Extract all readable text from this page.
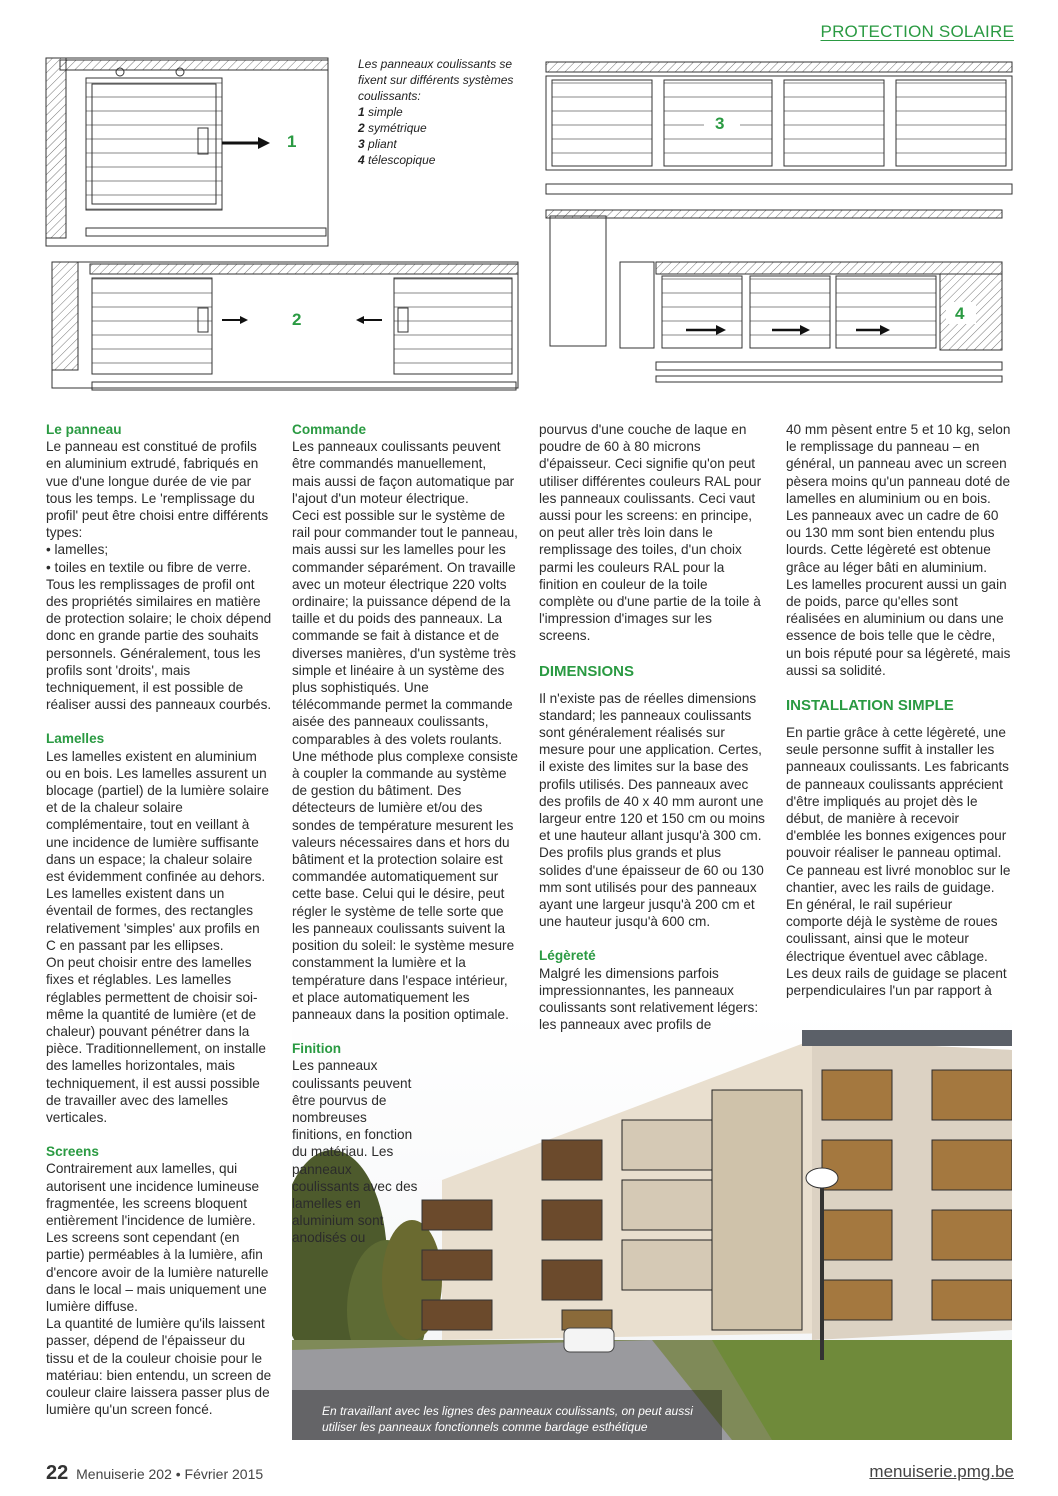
PROTECTION SOLAIRE
1
2
3
4
Les panneaux coulissants se fixent sur différents systèmes coulissants:
1 simple
2 symétrique
3 pliant
4 télescopique
En travaillant avec les lignes des panneaux coulissants, on peut aussi utiliser les panneaux fonctionnels comme bardage esthétique
Le panneau

Le panneau est constitué de profils en aluminium extrudé, fabriqués en vue d'une longue durée de vie par tous les temps. Le 'remplissage du profil' peut être choisi entre différents types:

• lamelles;

• toiles en textile ou fibre de verre.

Tous les remplissages de profil ont des propriétés similaires en matière de protection solaire; le choix dépend donc en grande partie des souhaits personnels. Généralement, tous les profils sont 'droits', mais techniquement, il est possible de réaliser aussi des panneaux courbés.

Lamelles

Les lamelles existent en aluminium ou en bois. Les lamelles assurent un blocage (partiel) de la lumière solaire et de la chaleur solaire complémentaire, tout en veillant à une incidence de lumière suffisante dans un espace; la chaleur solaire est évidemment confinée au dehors. Les lamelles existent dans un éventail de formes, des rectangles relativement 'simples' aux profils en C en passant par les ellipses.

On peut choisir entre des lamelles fixes et réglables. Les lamelles réglables permettent de choisir soi-même la quantité de lumière (et de chaleur) pouvant pénétrer dans la pièce. Traditionnellement, on installe des lamelles horizontales, mais techniquement, il est aussi possible de travailler avec des lamelles verticales.

Screens

Contrairement aux lamelles, qui autorisent une incidence lumineuse fragmentée, les screens bloquent entièrement l'incidence de lumière. Les screens sont cependant (en partie) perméables à la lumière, afin d'encore avoir de la lumière naturelle dans le local – mais uniquement une lumière diffuse.

La quantité de lumière qu'ils laissent passer, dépend de l'épaisseur du tissu et de la couleur choisie pour le matériau: bien entendu, un screen de couleur claire laissera passer plus de lumière qu'un screen foncé.

Commande

Les panneaux coulissants peuvent être commandés manuellement, mais aussi de façon automatique par l'ajout d'un moteur électrique.

Ceci est possible sur le système de rail pour commander tout le panneau, mais aussi sur les lamelles pour les commander séparément. On travaille avec un moteur électrique 220 volts ordinaire; la puissance dépend de la taille et du poids des panneaux. La commande se fait à distance et de diverses manières, d'un système très simple et linéaire à un système des plus sophistiqués. Une télécommande permet la commande aisée des panneaux coulissants, comparables à des volets roulants. Une méthode plus complexe consiste à coupler la commande au système de gestion du bâtiment. Des détecteurs de lumière et/ou des sondes de température mesurent les valeurs nécessaires dans et hors du bâtiment et la protection solaire est commandée automatiquement sur cette base. Celui qui le désire, peut régler le système de telle sorte que les panneaux coulissants suivent la position du soleil: le système mesure constamment la lumière et la température dans l'espace intérieur, et place automatiquement les panneaux dans la position optimale.

Finition

Les panneaux coulissants peuvent être pourvus de nombreuses finitions, en fonction du matériau. Les panneaux coulissants avec des lamelles en aluminium sont anodisés ou

pourvus d'une couche de laque en poudre de 60 à 80 microns d'épaisseur. Ceci signifie qu'on peut utiliser différentes couleurs RAL pour les panneaux coulissants. Ceci vaut aussi pour les screens: en principe, on peut aller très loin dans le remplissage des toiles, d'un choix parmi les couleurs RAL pour la finition en couleur de la toile complète ou d'une partie de la toile à l'impression d'images sur les screens.

DIMENSIONS

Il n'existe pas de réelles dimensions standard; les panneaux coulissants sont généralement réalisés sur mesure pour une application. Certes, il existe des limites sur la base des profils utilisés. Des panneaux avec des profils de 40 x 40 mm auront une largeur entre 120 et 150 cm ou moins et une hauteur allant jusqu'à 300 cm. Des profils plus grands et plus solides d'une épaisseur de 60 ou 130 mm sont utilisés pour des panneaux ayant une largeur jusqu'à 200 cm et une hauteur jusqu'à 600 cm.

Légèreté

Malgré les dimensions parfois impressionnantes, les panneaux coulissants sont relativement légers: les panneaux avec profils de

40 mm pèsent entre 5 et 10 kg, selon le remplissage du panneau – en général, un panneau avec un screen pèsera moins qu'un panneau doté de lamelles en aluminium ou en bois. Les panneaux avec un cadre de 60 ou 130 mm sont bien entendu plus lourds. Cette légèreté est obtenue grâce au léger bâti en aluminium. Les lamelles procurent aussi un gain de poids, parce qu'elles sont réalisées en aluminium ou dans une essence de bois telle que le cèdre, un bois réputé pour sa légèreté, mais aussi sa solidité.

INSTALLATION SIMPLE

En partie grâce à cette légèreté, une seule personne suffit à installer les panneaux coulissants. Les fabricants de panneaux coulissants apprécient d'être impliqués au projet dès le début, de manière à recevoir d'emblée les bonnes exigences pour pouvoir réaliser le panneau optimal. Ce panneau est livré monobloc sur le chantier, avec les rails de guidage. En général, le rail supérieur comporte déjà le système de roues coulissant, ainsi que le moteur électrique éventuel avec câblage. Les deux rails de guidage se placent perpendiculaires l'un par rapport à

22 Menuiserie 202 • Février 2015	menuiserie.pmg.be
